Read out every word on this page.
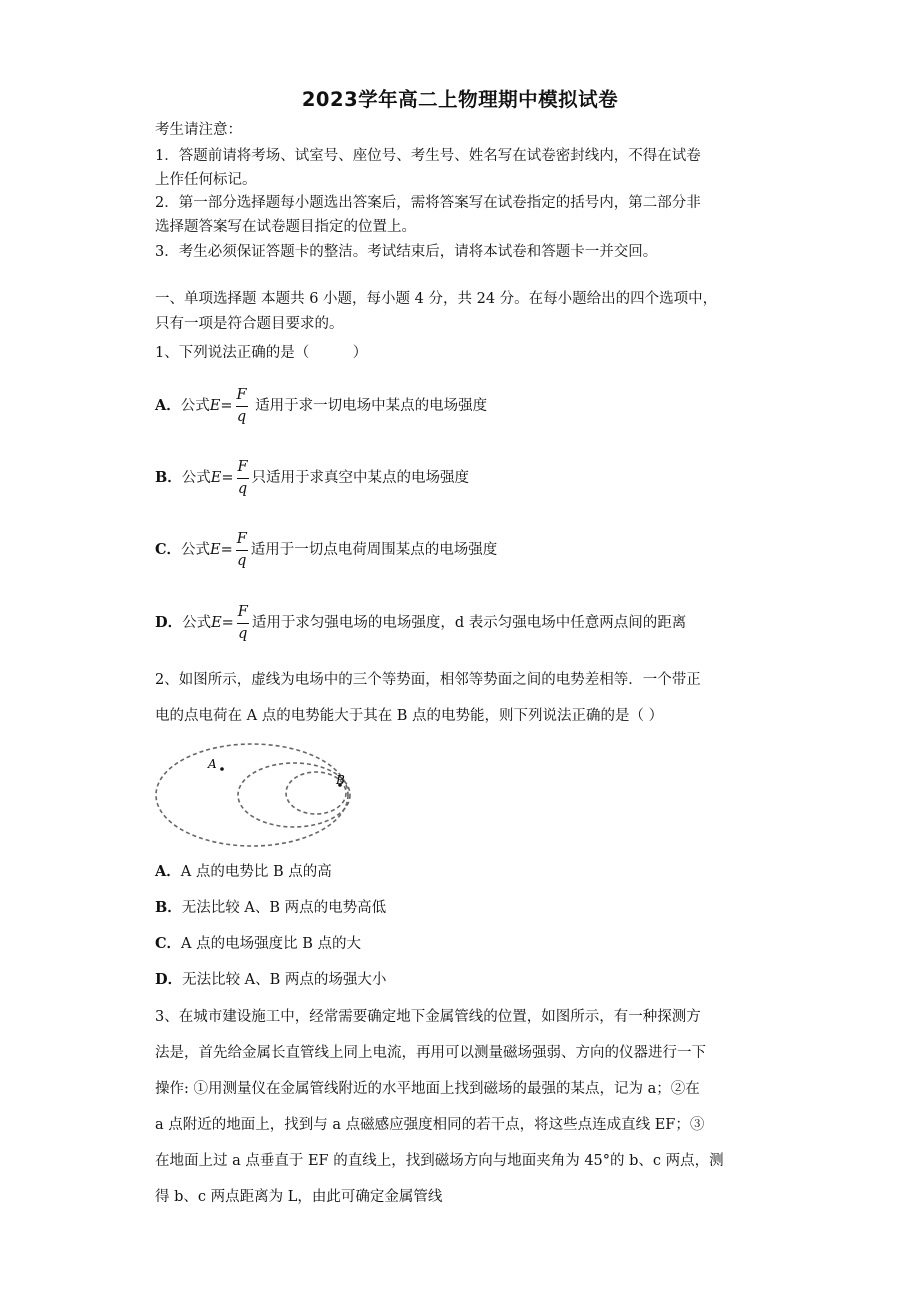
2023学年高二上物理期中模拟试卷
考生请注意：
1．答题前请将考场、试室号、座位号、考生号、姓名写在试卷密封线内，不得在试卷
上作任何标记。
2．第一部分选择题每小题选出答案后，需将答案写在试卷指定的括号内，第二部分非
选择题答案写在试卷题目指定的位置上。
3．考生必须保证答题卡的整洁。考试结束后，请将本试卷和答题卡一并交回。
一、单项选择题 本题共 6 小题，每小题 4 分，共 24 分。在每小题给出的四个选项中，
只有一项是符合题目要求的。
1、下列说法正确的是（　　　）
A．公式$E= \frac{F}{q}$ 适用于求一切电场中某点的电场强度
B．公式$E= \frac{F}{q}$ 只适用于求真空中某点的电场强度
C．公式$E= \frac{F}{q}$ 适用于一切点电荷周围某点的电场强度
D．公式$E= \frac{F}{q}$ 适用于求匀强电场的电场强度，d 表示匀强电场中任意两点间的距离
2、如图所示，虚线为电场中的三个等势面，相邻等势面之间的电势差相等．一个带正
电的点电荷在 A 点的电势能大于其在 B 点的电势能，则下列说法正确的是（ ）
A
B
A．A 点的电势比 B 点的高
B．无法比较 A、B 两点的电势高低
C．A 点的电场强度比 B 点的大
D．无法比较 A、B 两点的场强大小
3、在城市建设施工中，经常需要确定地下金属管线的位置，如图所示，有一种探测方
法是，首先给金属长直管线上同上电流，再用可以测量磁场强弱、方向的仪器进行一下
操作: ①用测量仪在金属管线附近的水平地面上找到磁场的最强的某点，记为 a；②在
a 点附近的地面上，找到与 a 点磁感应强度相同的若干点，将这些点连成直线 EF；③
在地面上过 a 点垂直于 EF 的直线上，找到磁场方向与地面夹角为 45°的 b、c 两点，测
得 b、c 两点距离为 L，由此可确定金属管线
